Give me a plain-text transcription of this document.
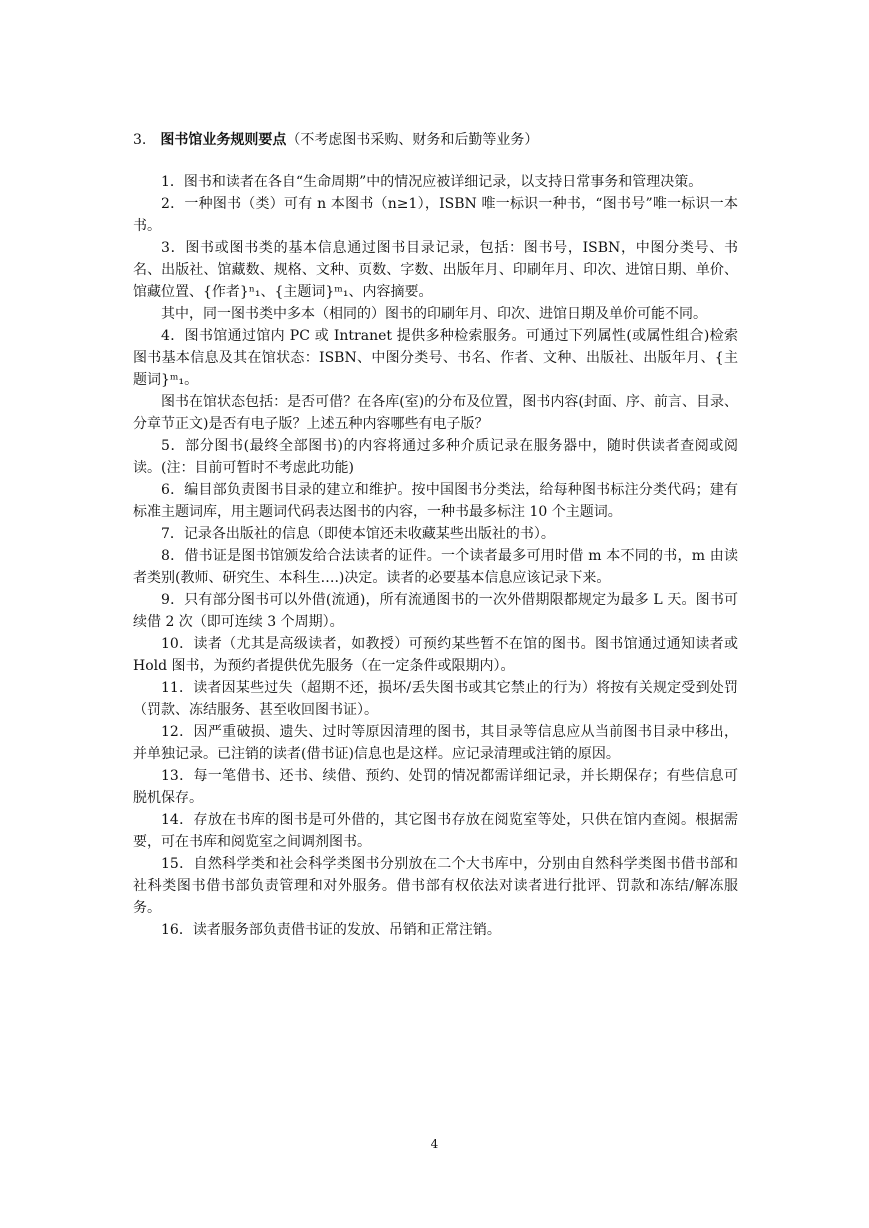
3. 图书馆业务规则要点（不考虑图书采购、财务和后勤等业务）

1．图书和读者在各自“生命周期”中的情况应被详细记录，以支持日常事务和管理决策。

2．一种图书（类）可有 n 本图书（n≥1），ISBN 唯一标识一种书，“图书号”唯一标识一本书。

3．图书或图书类的基本信息通过图书目录记录，包括：图书号，ISBN，中图分类号、书名、出版社、馆藏数、规格、文种、页数、字数、出版年月、印刷年月、印次、进馆日期、单价、馆藏位置、{作者}ⁿ₁、{主题词}ᵐ₁、内容摘要。

其中，同一图书类中多本（相同的）图书的印刷年月、印次、进馆日期及单价可能不同。

4．图书馆通过馆内 PC 或 Intranet 提供多种检索服务。可通过下列属性(或属性组合)检索图书基本信息及其在馆状态：ISBN、中图分类号、书名、作者、文种、出版社、出版年月、{主题词}ᵐ₁。

图书在馆状态包括：是否可借？在各库(室)的分布及位置，图书内容(封面、序、前言、目录、分章节正文)是否有电子版？上述五种内容哪些有电子版？

5．部分图书(最终全部图书)的内容将通过多种介质记录在服务器中，随时供读者查阅或阅读。(注：目前可暂时不考虑此功能)

6．编目部负责图书目录的建立和维护。按中国图书分类法，给每种图书标注分类代码；建有标准主题词库，用主题词代码表达图书的内容，一种书最多标注 10 个主题词。

7．记录各出版社的信息（即使本馆还未收藏某些出版社的书）。

8．借书证是图书馆颁发给合法读者的证件。一个读者最多可用时借 m 本不同的书，m 由读者类别(教师、研究生、本科生….)决定。读者的必要基本信息应该记录下来。

9．只有部分图书可以外借(流通)，所有流通图书的一次外借期限都规定为最多 L 天。图书可续借 2 次（即可连续 3 个周期）。

10．读者（尤其是高级读者，如教授）可预约某些暂不在馆的图书。图书馆通过通知读者或 Hold 图书，为预约者提供优先服务（在一定条件或限期内）。

11．读者因某些过失（超期不还，损坏/丢失图书或其它禁止的行为）将按有关规定受到处罚（罚款、冻结服务、甚至收回图书证）。

12．因严重破损、遗失、过时等原因清理的图书，其目录等信息应从当前图书目录中移出，并单独记录。已注销的读者(借书证)信息也是这样。应记录清理或注销的原因。

13．每一笔借书、还书、续借、预约、处罚的情况都需详细记录，并长期保存；有些信息可脱机保存。

14．存放在书库的图书是可外借的，其它图书存放在阅览室等处，只供在馆内查阅。根据需要，可在书库和阅览室之间调剂图书。

15．自然科学类和社会科学类图书分别放在二个大书库中，分别由自然科学类图书借书部和社科类图书借书部负责管理和对外服务。借书部有权依法对读者进行批评、罚款和冻结/解冻服务。

16．读者服务部负责借书证的发放、吊销和正常注销。

4
